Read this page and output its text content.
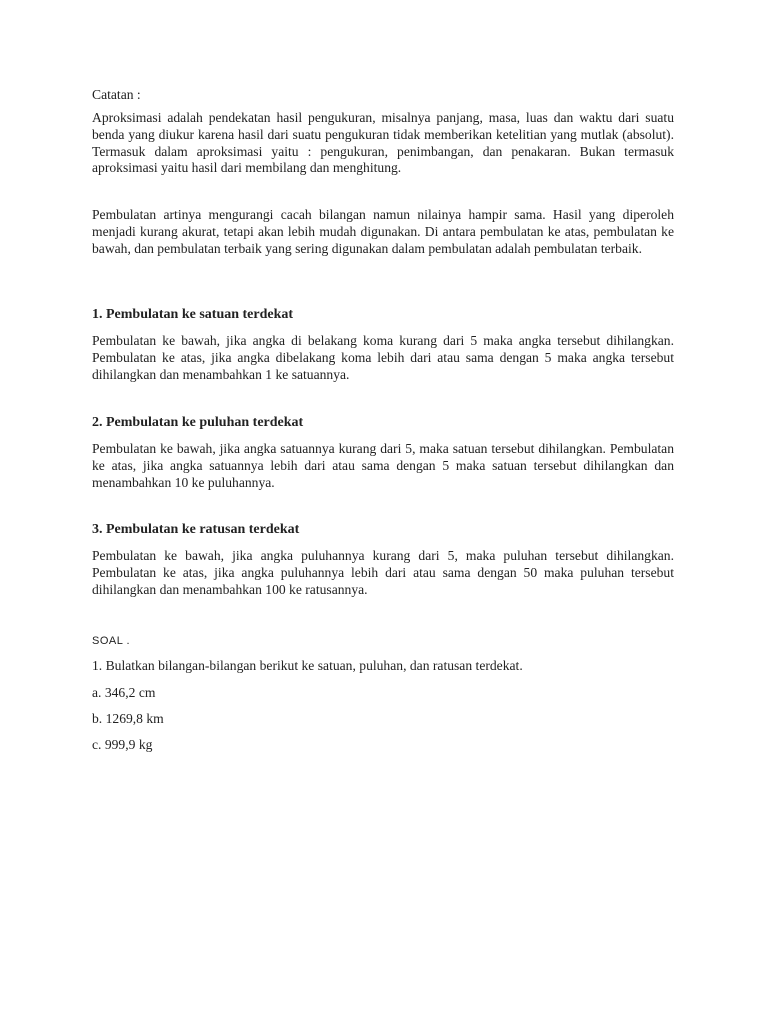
Catatan :
Aproksimasi adalah pendekatan hasil pengukuran, misalnya panjang, masa, luas dan waktu dari suatu benda yang diukur karena hasil dari suatu pengukuran tidak memberikan ketelitian yang mutlak (absolut). Termasuk dalam aproksimasi yaitu : pengukuran, penimbangan, dan penakaran. Bukan termasuk aproksimasi yaitu hasil dari membilang dan menghitung.
Pembulatan artinya mengurangi cacah bilangan namun nilainya hampir sama. Hasil yang diperoleh menjadi kurang akurat, tetapi akan lebih mudah digunakan. Di antara pembulatan ke atas, pembulatan ke bawah, dan pembulatan terbaik yang sering digunakan dalam pembulatan adalah pembulatan terbaik.
1. Pembulatan ke satuan terdekat
Pembulatan ke bawah, jika angka di belakang koma kurang dari 5 maka angka tersebut dihilangkan. Pembulatan ke atas, jika angka dibelakang koma lebih dari atau sama dengan 5 maka angka tersebut dihilangkan dan menambahkan 1 ke satuannya.
2. Pembulatan ke puluhan terdekat
Pembulatan ke bawah, jika angka satuannya kurang dari 5, maka satuan tersebut dihilangkan. Pembulatan ke atas, jika angka satuannya lebih dari atau sama dengan 5 maka satuan tersebut dihilangkan dan menambahkan 10 ke puluhannya.
3. Pembulatan ke ratusan terdekat
Pembulatan ke bawah, jika angka puluhannya kurang dari 5, maka puluhan tersebut dihilangkan. Pembulatan ke atas, jika angka puluhannya lebih dari atau sama dengan 50 maka puluhan tersebut dihilangkan dan menambahkan 100 ke ratusannya.
SOAL .
1. Bulatkan bilangan-bilangan berikut ke satuan, puluhan, dan ratusan terdekat.
a. 346,2 cm
b. 1269,8 km
c. 999,9 kg
